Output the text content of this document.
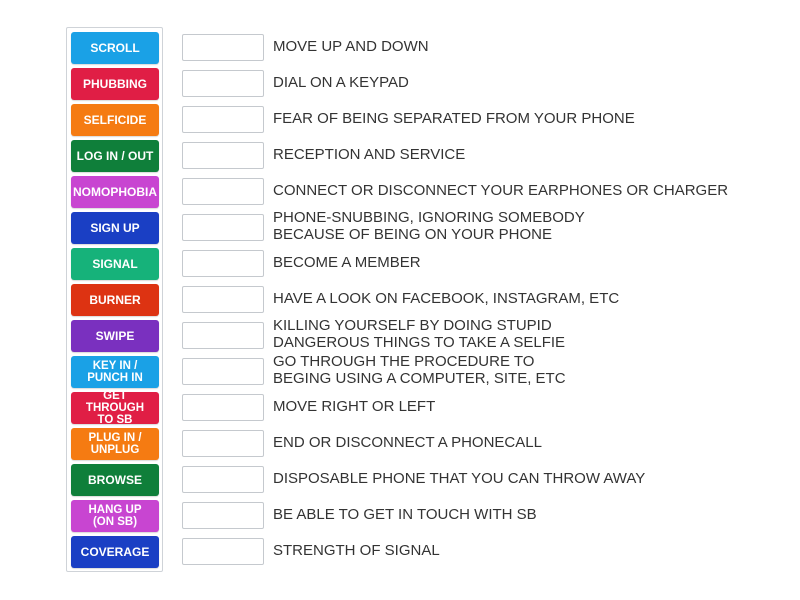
SCROLL
PHUBBING
SELFICIDE
LOG IN / OUT
NOMOPHOBIA
SIGN UP
SIGNAL
BURNER
SWIPE
KEY IN /
PUNCH IN
GET THROUGH
TO SB
PLUG IN /
UNPLUG
BROWSE
HANG UP
(ON SB)
COVERAGE
MOVE UP AND DOWN
DIAL ON A KEYPAD
FEAR OF BEING SEPARATED FROM YOUR PHONE
RECEPTION AND SERVICE
CONNECT OR DISCONNECT YOUR EARPHONES OR CHARGER
PHONE-SNUBBING, IGNORING SOMEBODY
BECAUSE OF BEING ON YOUR PHONE
BECOME A MEMBER
HAVE A LOOK ON FACEBOOK, INSTAGRAM, ETC
KILLING YOURSELF BY DOING STUPID
DANGEROUS THINGS TO TAKE A SELFIE
GO THROUGH THE PROCEDURE TO
BEGING USING A COMPUTER, SITE, ETC
MOVE RIGHT OR LEFT
END OR DISCONNECT A PHONECALL
DISPOSABLE PHONE THAT YOU CAN THROW AWAY
BE ABLE TO GET IN TOUCH WITH SB
STRENGTH OF SIGNAL
